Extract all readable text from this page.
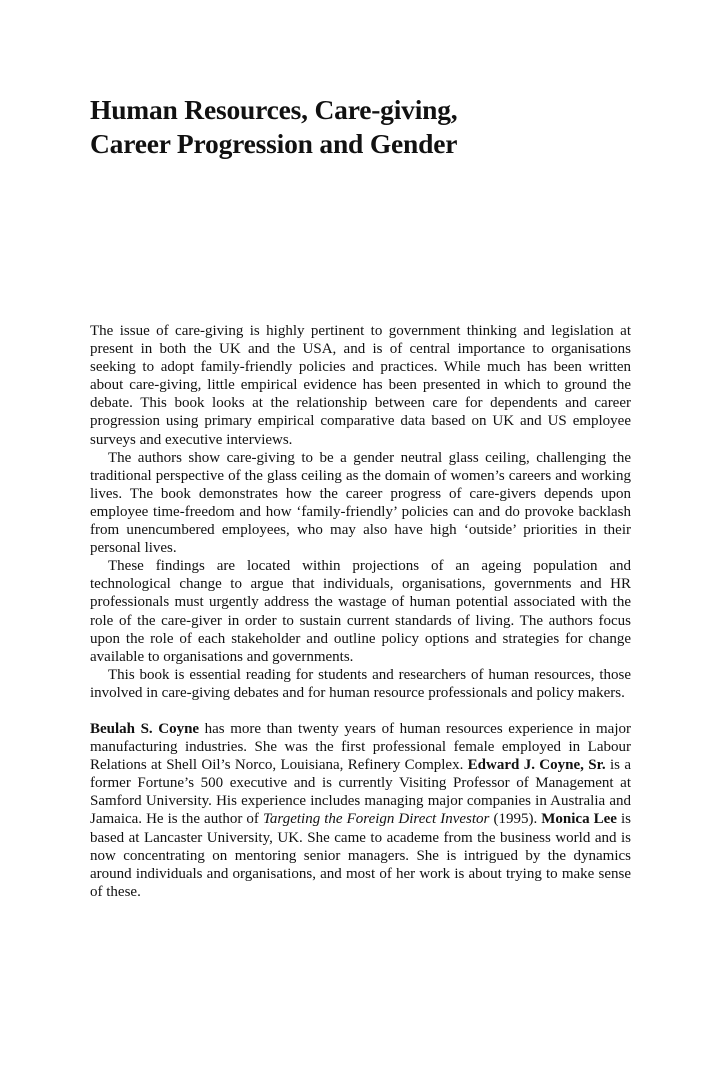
Human Resources, Care-giving,
Career Progression and Gender

The issue of care-giving is highly pertinent to government thinking and legislation at present in both the UK and the USA, and is of central importance to organisations seeking to adopt family-friendly policies and practices. While much has been written about care-giving, little empirical evidence has been presented in which to ground the debate. This book looks at the relationship between care for dependents and career progression using primary empirical comparative data based on UK and US employee surveys and executive interviews.

The authors show care-giving to be a gender neutral glass ceiling, challenging the traditional perspective of the glass ceiling as the domain of women’s careers and working lives. The book demonstrates how the career progress of care-givers depends upon employee time-freedom and how ‘family-friendly’ policies can and do provoke backlash from unencumbered employees, who may also have high ‘outside’ priorities in their personal lives.

These findings are located within projections of an ageing population and technological change to argue that individuals, organisations, governments and HR professionals must urgently address the wastage of human potential associated with the role of the care-giver in order to sustain current standards of living. The authors focus upon the role of each stakeholder and outline policy options and strategies for change available to organisations and governments.

This book is essential reading for students and researchers of human resources, those involved in care-giving debates and for human resource professionals and policy makers.

Beulah S. Coyne has more than twenty years of human resources experience in major manufacturing industries. She was the first professional female employed in Labour Relations at Shell Oil’s Norco, Louisiana, Refinery Complex. Edward J. Coyne, Sr. is a former Fortune’s 500 executive and is currently Visiting Professor of Management at Samford University. His experience includes managing major companies in Australia and Jamaica. He is the author of Targeting the Foreign Direct Investor (1995). Monica Lee is based at Lancaster University, UK. She came to academe from the business world and is now concentrating on mentoring senior managers. She is intrigued by the dynamics around individuals and organisations, and most of her work is about trying to make sense of these.
